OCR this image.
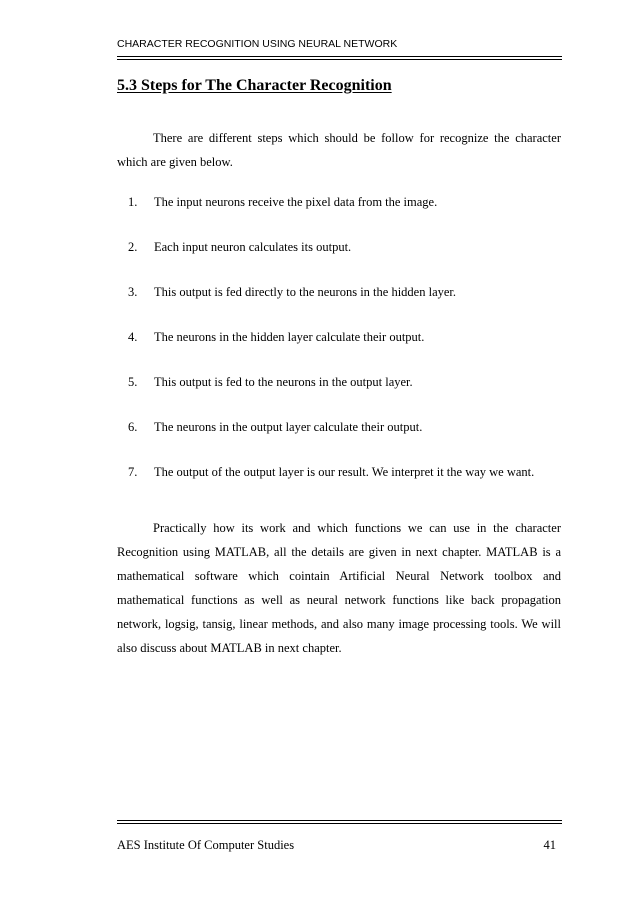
CHARACTER RECOGNITION USING NEURAL NETWORK
5.3 Steps for The Character Recognition

There are different steps which should be follow for recognize the character which are given below.

1. The input neurons receive the pixel data from the image.
2. Each input neuron calculates its output.
3. This output is fed directly to the neurons in the hidden layer.
4. The neurons in the hidden layer calculate their output.
5. This output is fed to the neurons in the output layer.
6. The neurons in the output layer calculate their output.
7. The output of the output layer is our result. We interpret it the way we want.

Practically how its work and which functions we can use in the character Recognition using MATLAB, all the details are given in next chapter. MATLAB is a mathematical software which cointain Artificial Neural Network toolbox and mathematical functions as well as neural network functions like back propagation network, logsig, tansig, linear methods, and also many image processing tools. We will also discuss about MATLAB in next chapter.

AES Institute Of Computer Studies	41
